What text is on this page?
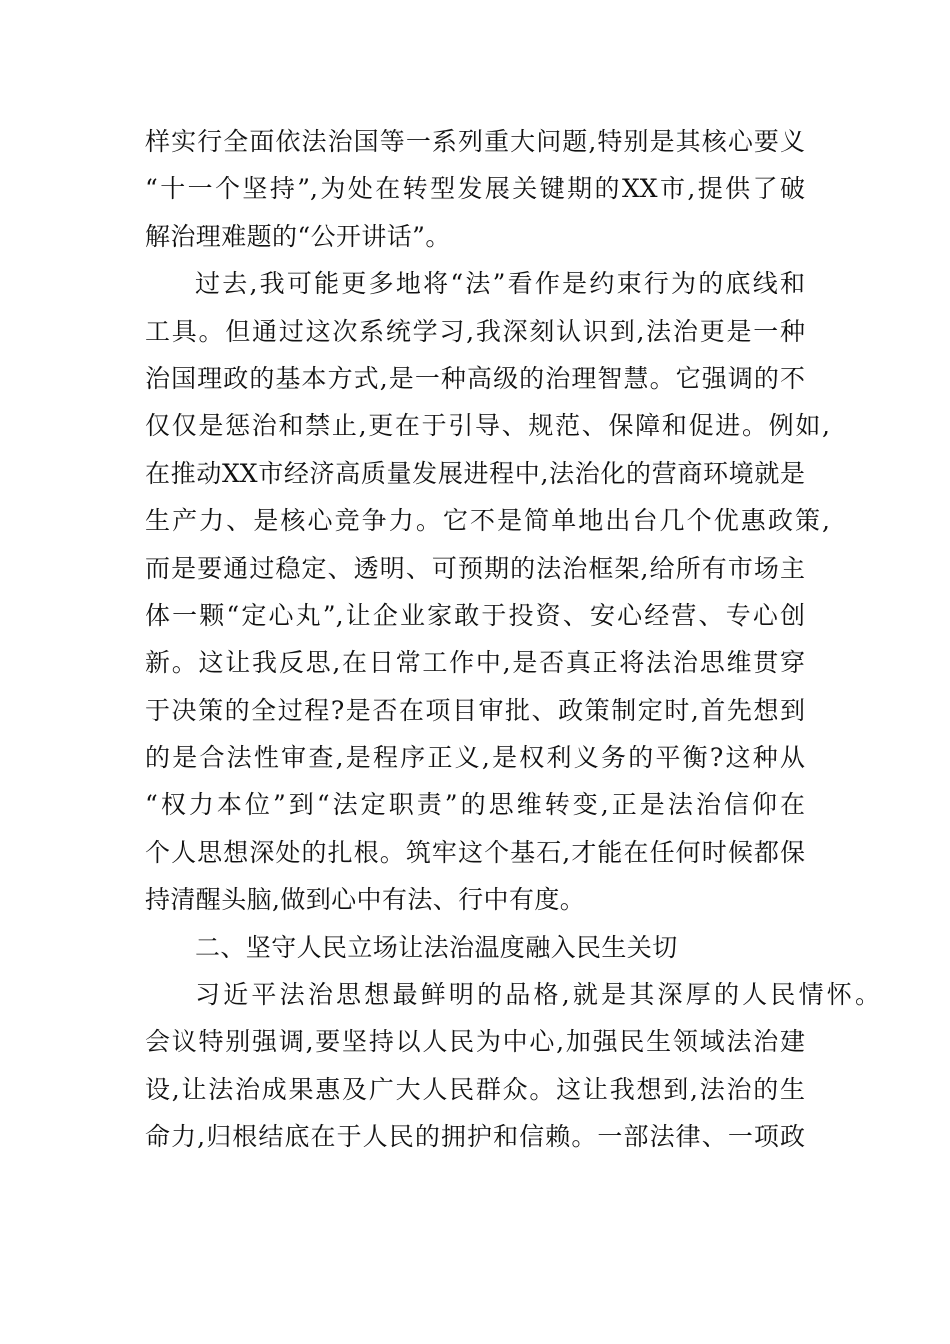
样实行全面依法治国等一系列重大问题,特别是其核心要义
“十一个坚持”,为处在转型发展关键期的XX市,提供了破
解治理难题的“公开讲话”。
过去,我可能更多地将“法”看作是约束行为的底线和
工具。但通过这次系统学习,我深刻认识到,法治更是一种
治国理政的基本方式,是一种高级的治理智慧。它强调的不
仅仅是惩治和禁止,更在于引导、规范、保障和促进。例如,
在推动XX市经济高质量发展进程中,法治化的营商环境就是
生产力、是核心竞争力。它不是简单地出台几个优惠政策,
而是要通过稳定、透明、可预期的法治框架,给所有市场主
体一颗“定心丸”,让企业家敢于投资、安心经营、专心创
新。这让我反思,在日常工作中,是否真正将法治思维贯穿
于决策的全过程?是否在项目审批、政策制定时,首先想到
的是合法性审查,是程序正义,是权利义务的平衡?这种从
“权力本位”到“法定职责”的思维转变,正是法治信仰在
个人思想深处的扎根。筑牢这个基石,才能在任何时候都保
持清醒头脑,做到心中有法、行中有度。
二、坚守人民立场让法治温度融入民生关切
习近平法治思想最鲜明的品格,就是其深厚的人民情怀。
会议特别强调,要坚持以人民为中心,加强民生领域法治建
设,让法治成果惠及广大人民群众。这让我想到,法治的生
命力,归根结底在于人民的拥护和信赖。一部法律、一项政
